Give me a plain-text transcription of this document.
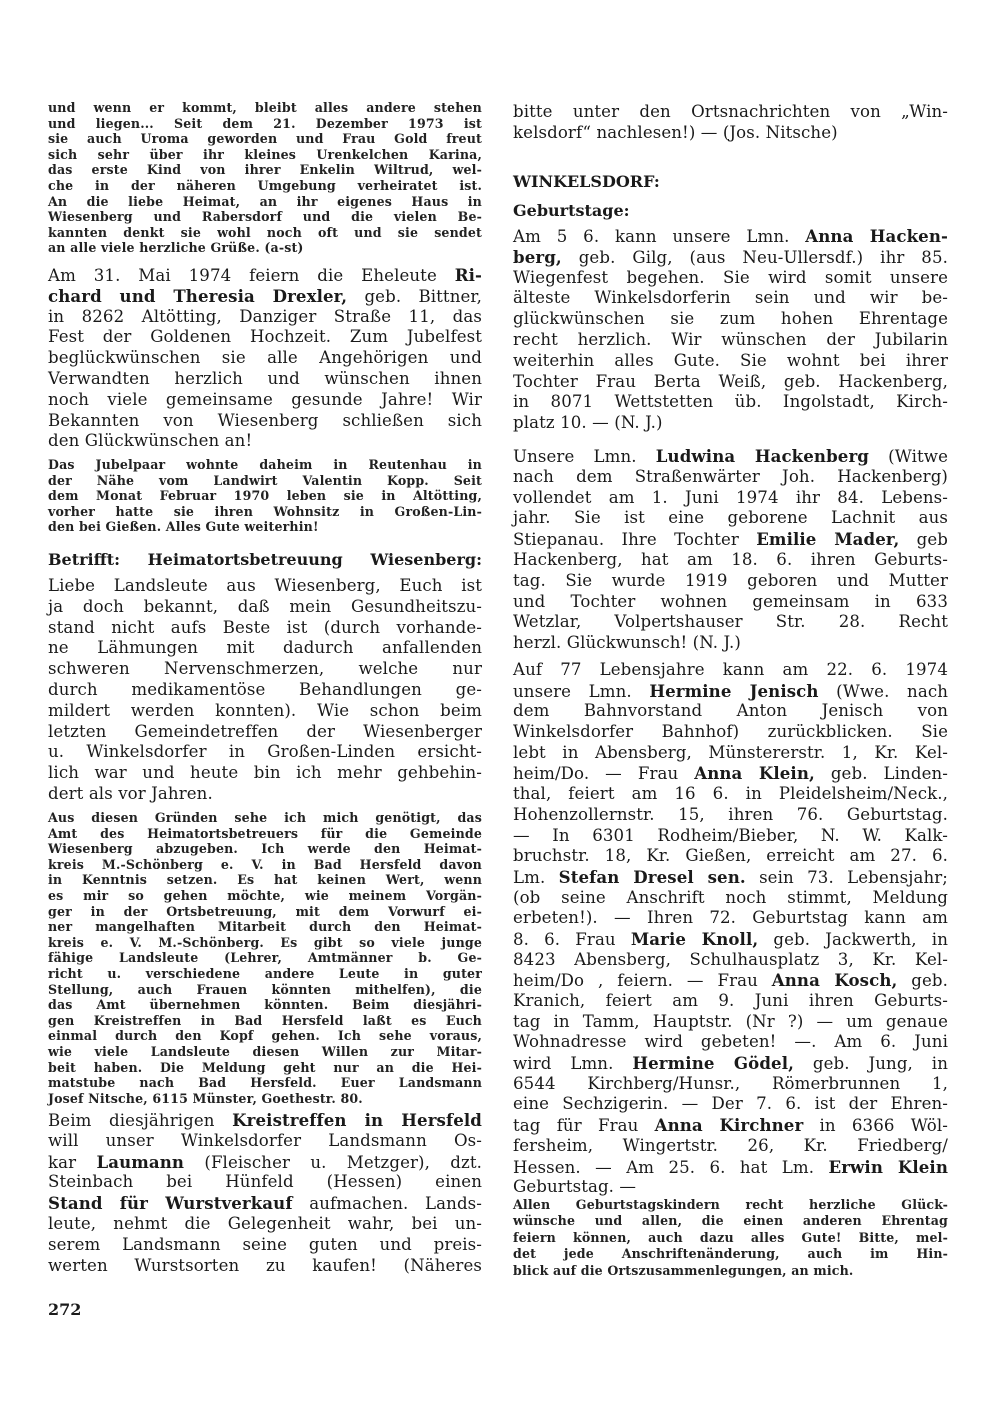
und wenn er kommt, bleibt alles andere stehen
und liegen... Seit dem 21. Dezember 1973 ist
sie auch Uroma geworden und Frau Gold freut
sich sehr über ihr kleines Urenkelchen Karina,
das erste Kind von ihrer Enkelin Wiltrud, wel-
che in der näheren Umgebung verheiratet ist.
An die liebe Heimat, an ihr eigenes Haus in
Wiesenberg und Rabersdorf und die vielen Be-
kannten denkt sie wohl noch oft und sie sendet
an alle viele herzliche Grüße. (a-st)
Am 31. Mai 1974 feiern die Eheleute Ri-
chard und Theresia Drexler, geb. Bittner,
in 8262 Altötting, Danziger Straße 11, das
Fest der Goldenen Hochzeit. Zum Jubelfest
beglückwünschen sie alle Angehörigen und
Verwandten herzlich und wünschen ihnen
noch viele gemeinsame gesunde Jahre! Wir
Bekannten von Wiesenberg schließen sich
den Glückwünschen an!
Das Jubelpaar wohnte daheim in Reutenhau in
der Nähe vom Landwirt Valentin Kopp. Seit
dem Monat Februar 1970 leben sie in Altötting,
vorher hatte sie ihren Wohnsitz in Großen-Lin-
den bei Gießen. Alles Gute weiterhin!
Betrifft: Heimatortsbetreuung Wiesenberg:
Liebe Landsleute aus Wiesenberg, Euch ist
ja doch bekannt, daß mein Gesundheitszu-
stand nicht aufs Beste ist (durch vorhande-
ne Lähmungen mit dadurch anfallenden
schweren Nervenschmerzen, welche nur
durch medikamentöse Behandlungen ge-
mildert werden konnten). Wie schon beim
letzten Gemeindetreffen der Wiesenberger
u. Winkelsdorfer in Großen-Linden ersicht-
lich war und heute bin ich mehr gehbehin-
dert als vor Jahren.
Aus diesen Gründen sehe ich mich genötigt, das
Amt des Heimatortsbetreuers für die Gemeinde
Wiesenberg abzugeben. Ich werde den Heimat-
kreis M.-Schönberg e. V. in Bad Hersfeld davon
in Kenntnis setzen. Es hat keinen Wert, wenn
es mir so gehen möchte, wie meinem Vorgän-
ger in der Ortsbetreuung, mit dem Vorwurf ei-
ner mangelhaften Mitarbeit durch den Heimat-
kreis e. V. M.-Schönberg. Es gibt so viele junge
fähige Landsleute (Lehrer, Amtmänner b. Ge-
richt u. verschiedene andere Leute in guter
Stellung, auch Frauen könnten mithelfen), die
das Amt übernehmen könnten. Beim diesjähri-
gen Kreistreffen in Bad Hersfeld laßt es Euch
einmal durch den Kopf gehen. Ich sehe voraus,
wie viele Landsleute diesen Willen zur Mitar-
beit haben. Die Meldung geht nur an die Hei-
matstube nach Bad Hersfeld. Euer Landsmann
Josef Nitsche, 6115 Münster, Goethestr. 80.
Beim diesjährigen Kreistreffen in Hersfeld
will unser Winkelsdorfer Landsmann Os-
kar Laumann (Fleischer u. Metzger), dzt.
Steinbach bei Hünfeld (Hessen) einen
Stand für Wurstverkauf aufmachen. Lands-
leute, nehmt die Gelegenheit wahr, bei un-
serem Landsmann seine guten und preis-
werten Wurstsorten zu kaufen! (Näheres
bitte unter den Ortsnachrichten von „Win-
kelsdorf“ nachlesen!) — (Jos. Nitsche)
WINKELSDORF:
Geburtstage:
Am 5 6. kann unsere Lmn. Anna Hacken-
berg, geb. Gilg, (aus Neu-Ullersdf.) ihr 85.
Wiegenfest begehen. Sie wird somit unsere
älteste Winkelsdorferin sein und wir be-
glückwünschen sie zum hohen Ehrentage
recht herzlich. Wir wünschen der Jubilarin
weiterhin alles Gute. Sie wohnt bei ihrer
Tochter Frau Berta Weiß, geb. Hackenberg,
in 8071 Wettstetten üb. Ingolstadt, Kirch-
platz 10. — (N. J.)
Unsere Lmn. Ludwina Hackenberg (Witwe
nach dem Straßenwärter Joh. Hackenberg)
vollendet am 1. Juni 1974 ihr 84. Lebens-
jahr. Sie ist eine geborene Lachnit aus
Stiepanau. Ihre Tochter Emilie Mader, geb
Hackenberg, hat am 18. 6. ihren Geburts-
tag. Sie wurde 1919 geboren und Mutter
und Tochter wohnen gemeinsam in 633
Wetzlar, Volpertshauser Str. 28. Recht
herzl. Glückwunsch! (N. J.)
Auf 77 Lebensjahre kann am 22. 6. 1974
unsere Lmn. Hermine Jenisch (Wwe. nach
dem Bahnvorstand Anton Jenisch von
Winkelsdorfer Bahnhof) zurückblicken. Sie
lebt in Abensberg, Münstererstr. 1, Kr. Kel-
heim/Do. — Frau Anna Klein, geb. Linden-
thal, feiert am 16 6. in Pleidelsheim/Neck.,
Hohenzollernstr. 15, ihren 76. Geburtstag.
— In 6301 Rodheim/Bieber, N. W. Kalk-
bruchstr. 18, Kr. Gießen, erreicht am 27. 6.
Lm. Stefan Dresel sen. sein 73. Lebensjahr;
(ob seine Anschrift noch stimmt, Meldung
erbeten!). — Ihren 72. Geburtstag kann am
8. 6. Frau Marie Knoll, geb. Jackwerth, in
8423 Abensberg, Schulhausplatz 3, Kr. Kel-
heim/Do , feiern. — Frau Anna Kosch, geb.
Kranich, feiert am 9. Juni ihren Geburts-
tag in Tamm, Hauptstr. (Nr ?) — um genaue
Wohnadresse wird gebeten! —. Am 6. Juni
wird Lmn. Hermine Gödel, geb. Jung, in
6544 Kirchberg/Hunsr., Römerbrunnen 1,
eine Sechzigerin. — Der 7. 6. ist der Ehren-
tag für Frau Anna Kirchner in 6366 Wöl-
fersheim, Wingertstr. 26, Kr. Friedberg/
Hessen. — Am 25. 6. hat Lm. Erwin Klein
Geburtstag. —
Allen Geburtstagskindern recht herzliche Glück-
wünsche und allen, die einen anderen Ehrentag
feiern können, auch dazu alles Gute! Bitte, mel-
det jede Anschriftenänderung, auch im Hin-
blick auf die Ortszusammenlegungen, an mich.
272
